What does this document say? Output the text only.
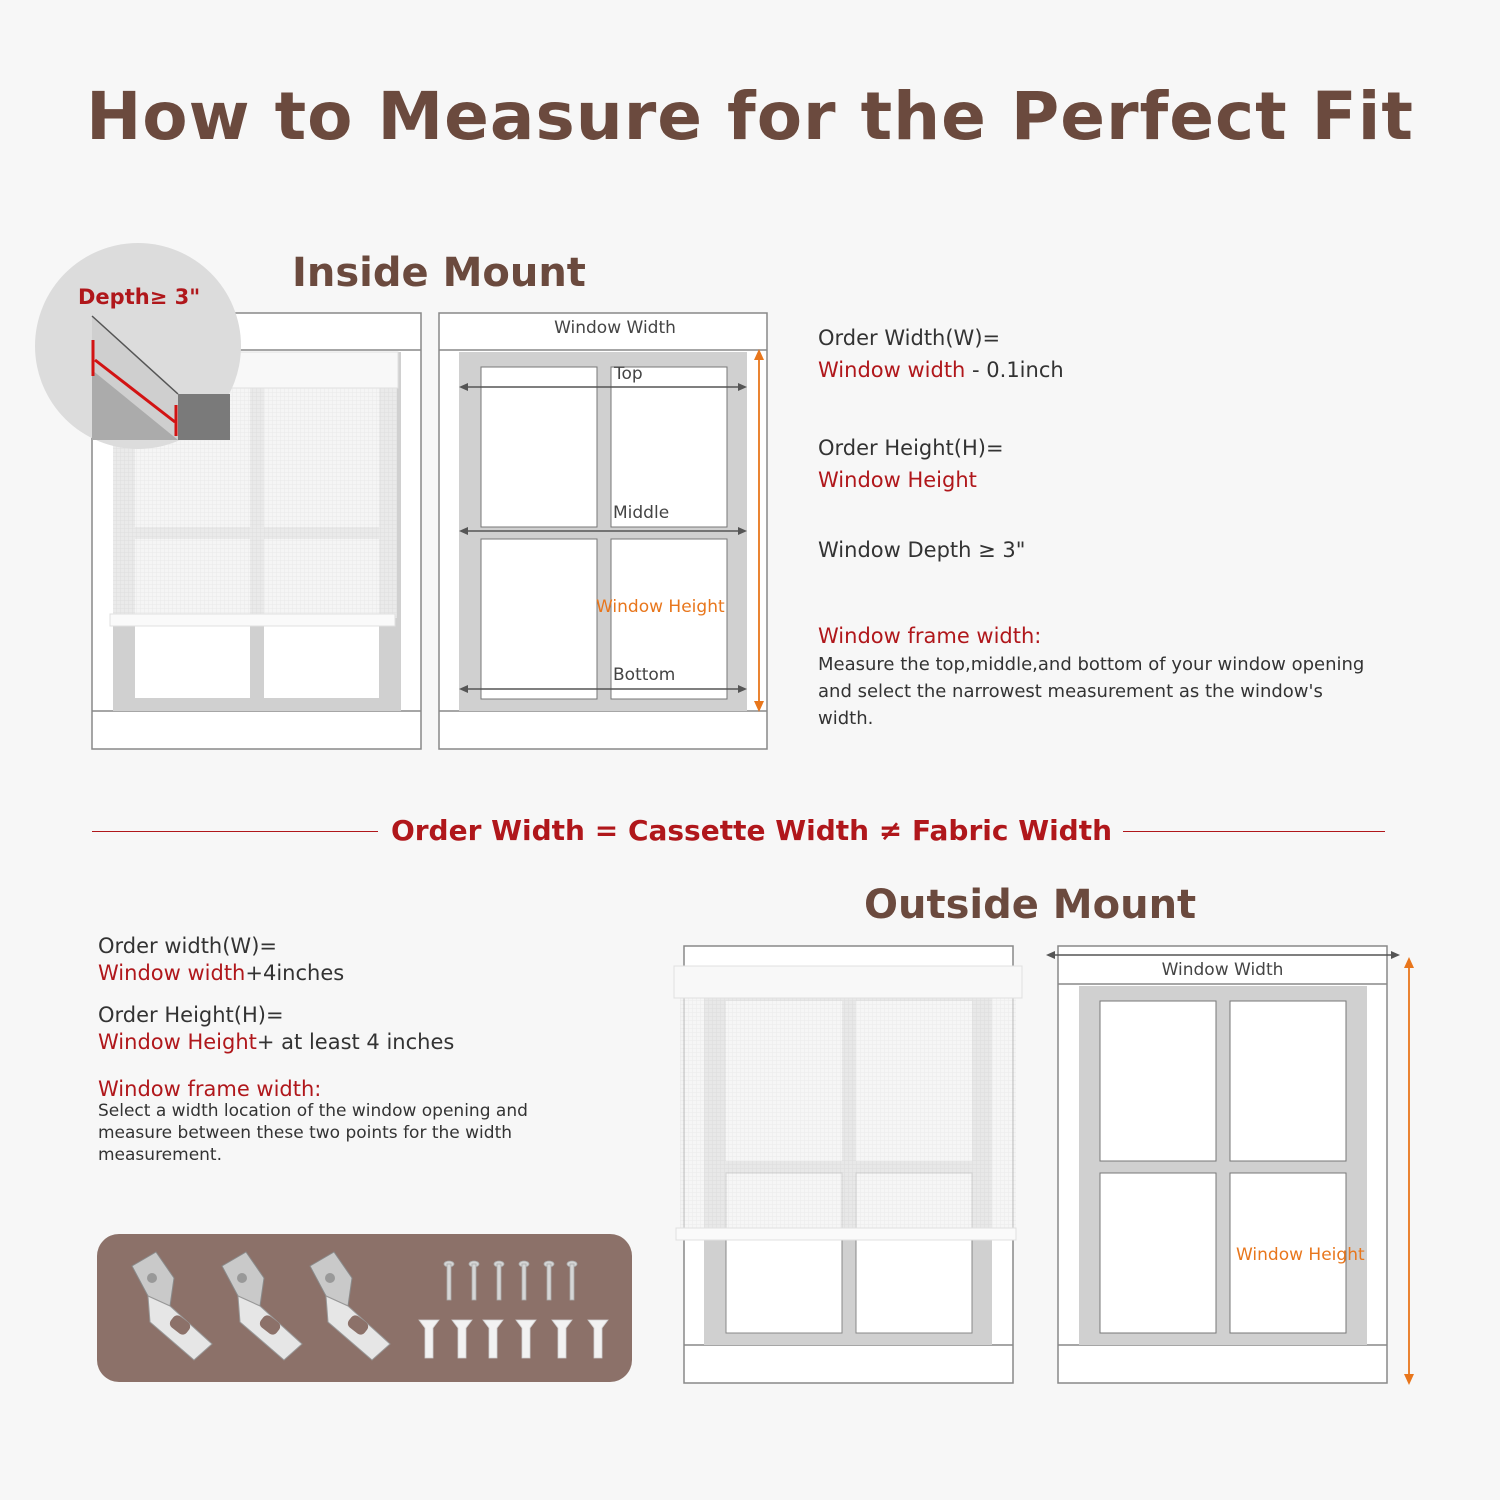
How to Measure for the Perfect Fit
Inside Mount
Outside Mount
Depth≥ 3"
Window Width
Top
Middle
Bottom
Window Height
Order Width(W)=
Window width - 0.1inch
Order Height(H)=
Window Height
Window Depth ≥ 3"
Window frame width:
Measure the top,middle,and bottom of your window opening and select the narrowest measurement as the window's width.
Order Width = Cassette Width ≠ Fabric Width
Order width(W)=
Window width+4inches
Order Height(H)=
Window Height+ at least 4 inches
Window frame width:
Select a width location of the window opening and measure between these two points for the width measurement.
Window Width
Window Height
